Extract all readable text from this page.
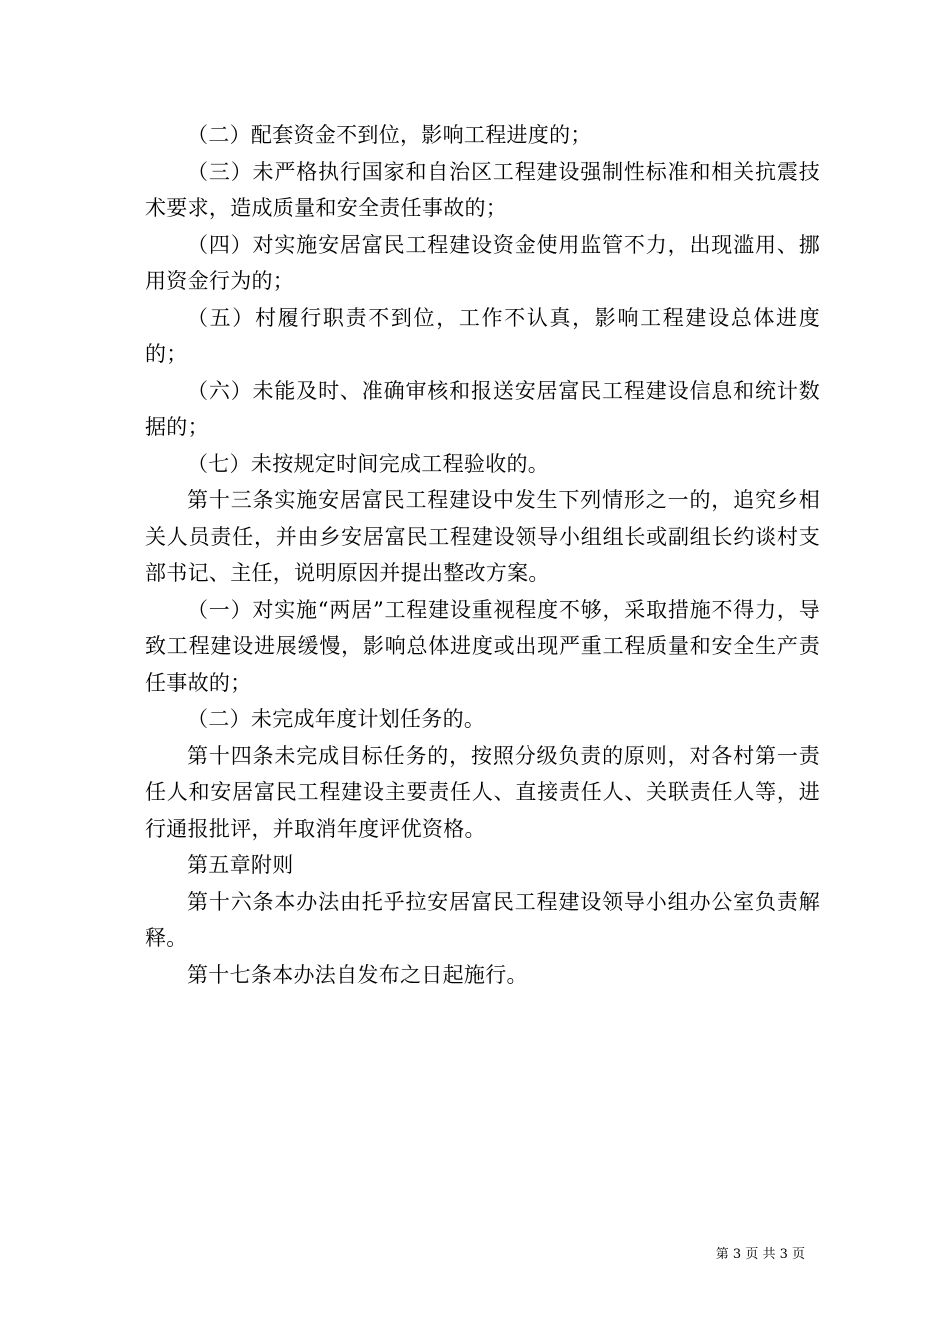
（二）配套资金不到位，影响工程进度的；

（三）未严格执行国家和自治区工程建设强制性标准和相关抗震技术要求，造成质量和安全责任事故的；

（四）对实施安居富民工程建设资金使用监管不力，出现滥用、挪用资金行为的；

（五）村履行职责不到位，工作不认真，影响工程建设总体进度的；

（六）未能及时、准确审核和报送安居富民工程建设信息和统计数据的；

（七）未按规定时间完成工程验收的。

第十三条实施安居富民工程建设中发生下列情形之一的，追究乡相关人员责任，并由乡安居富民工程建设领导小组组长或副组长约谈村支部书记、主任，说明原因并提出整改方案。

（一）对实施“两居”工程建设重视程度不够，采取措施不得力，导致工程建设进展缓慢，影响总体进度或出现严重工程质量和安全生产责任事故的；

（二）未完成年度计划任务的。

第十四条未完成目标任务的，按照分级负责的原则，对各村第一责任人和安居富民工程建设主要责任人、直接责任人、关联责任人等，进行通报批评，并取消年度评优资格。

第五章附则

第十六条本办法由托乎拉安居富民工程建设领导小组办公室负责解释。

第十七条本办法自发布之日起施行。

第 3 页 共 3 页
